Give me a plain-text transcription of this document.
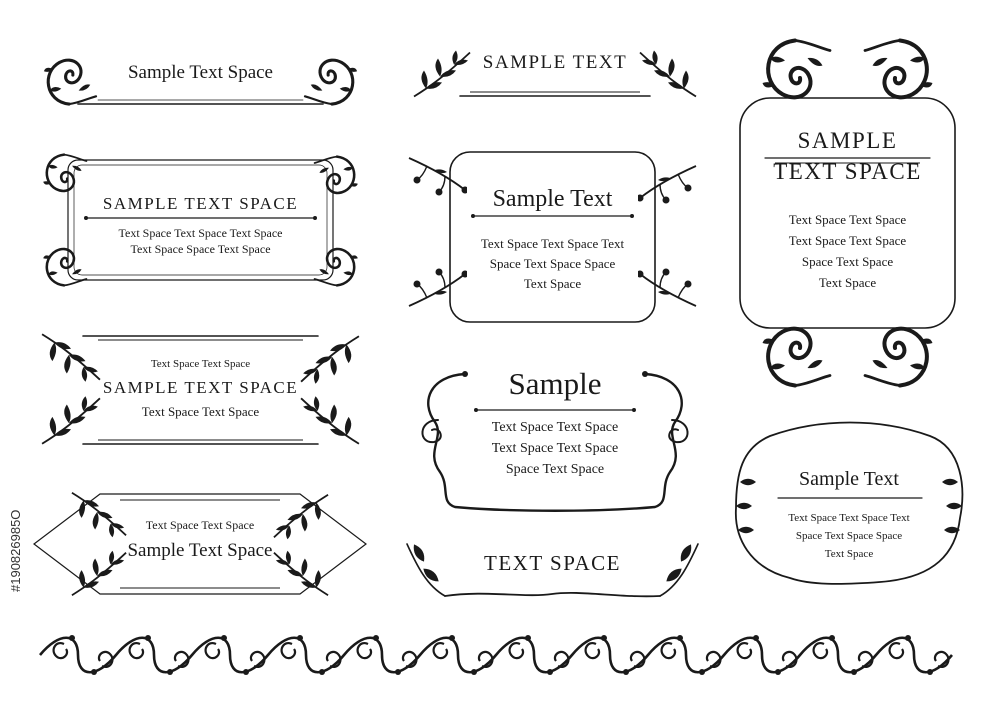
Sample Text Space	SAMPLE TEXT
SAMPLE TEXT SPACE
Text Space Text Space Text Space
Text Space Space Text Space
Sample Text
Text Space Text Space Text
Space Text Space Space
Text Space
SAMPLE
TEXT SPACE
Text Space Text Space
Text Space Text Space
Space Text Space
Text Space
Text Space Text Space
SAMPLE TEXT SPACE
Text Space Text Space
Sample
Text Space Text Space
Text Space Text Space
Space Text Space	Sample Text
Text Space Text Space Text
Space Text Space Space
Text Space
Text Space Text Space
Sample Text Space
TEXT SPACE
#190826985O
